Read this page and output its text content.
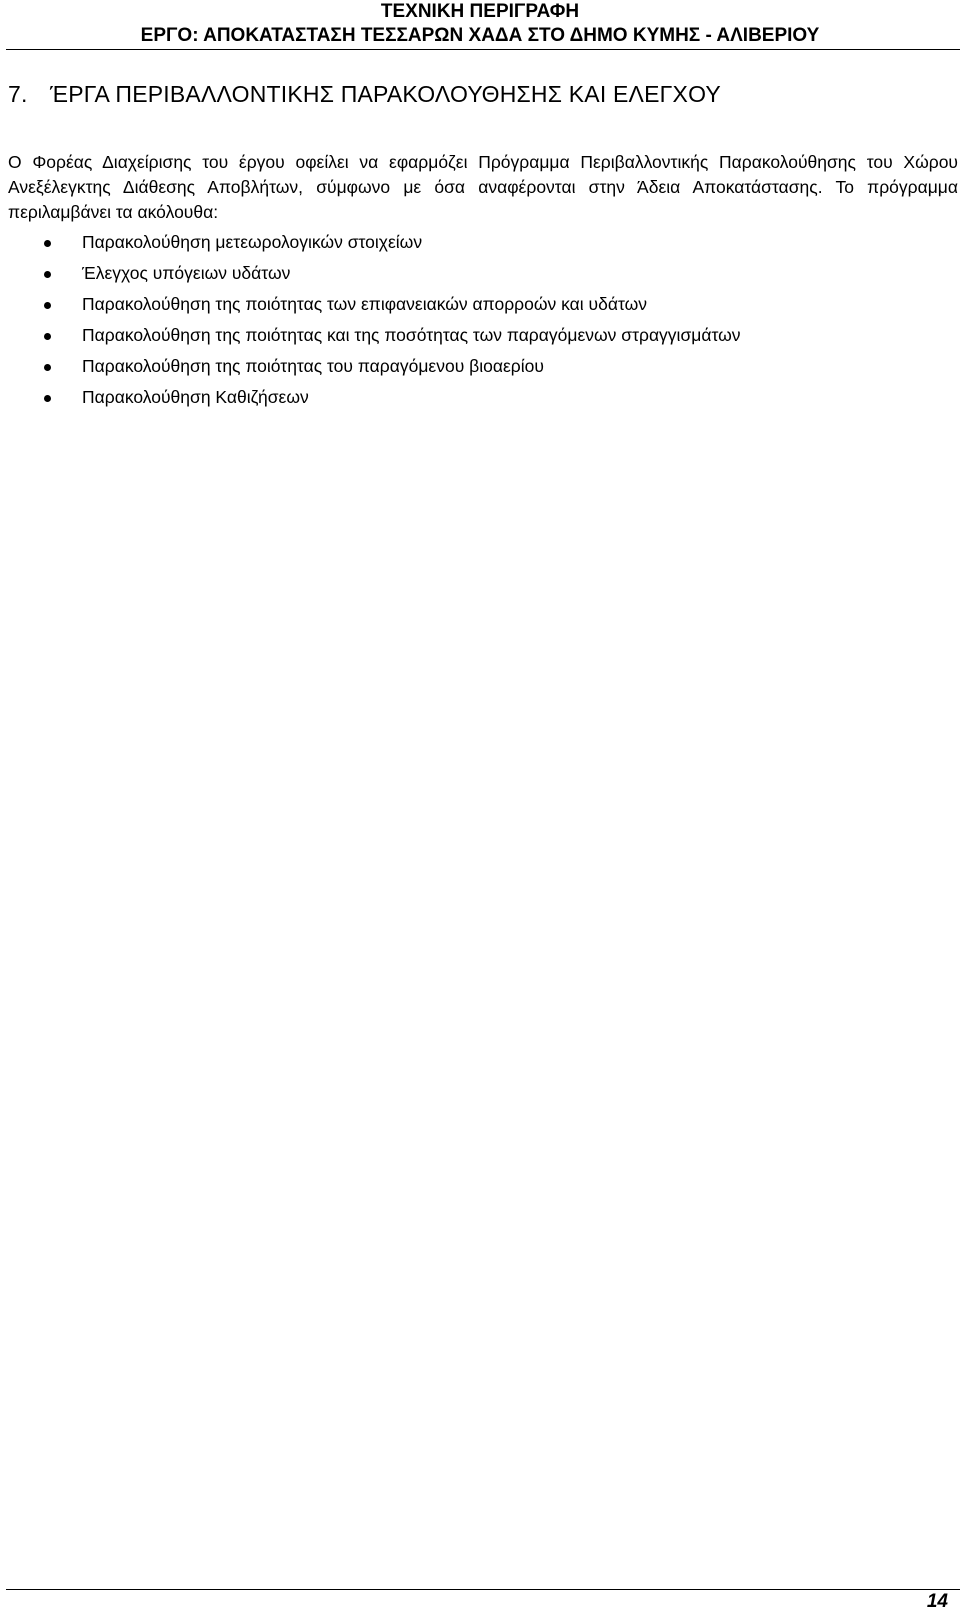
ΤΕΧΝΙΚΗ ΠΕΡΙΓΡΑΦΗ
ΕΡΓΟ: ΑΠΟΚΑΤΑΣΤΑΣΗ ΤΕΣΣΑΡΩΝ ΧΑΔΑ ΣΤΟ ΔΗΜΟ ΚΥΜΗΣ - ΑΛΙΒΕΡΙΟΥ
7. ΈΡΓΑ ΠΕΡΙΒΑΛΛΟΝΤΙΚΗΣ ΠΑΡΑΚΟΛΟΥΘΗΣΗΣ ΚΑΙ ΕΛΕΓΧΟΥ

Ο Φορέας Διαχείρισης του έργου οφείλει να εφαρμόζει Πρόγραμμα Περιβαλλοντικής Παρακολούθησης του Χώρου Ανεξέλεγκτης Διάθεσης Αποβλήτων, σύμφωνο με όσα αναφέρονται στην Άδεια Αποκατάστασης. Το πρόγραμμα περιλαμβάνει τα ακόλουθα:

Παρακολούθηση μετεωρολογικών στοιχείων
Έλεγχος υπόγειων υδάτων
Παρακολούθηση της ποιότητας των επιφανειακών απορροών και υδάτων
Παρακολούθηση της ποιότητας και της ποσότητας των παραγόμενων στραγγισμάτων
Παρακολούθηση της ποιότητας του παραγόμενου βιοαερίου
Παρακολούθηση Καθιζήσεων
14
